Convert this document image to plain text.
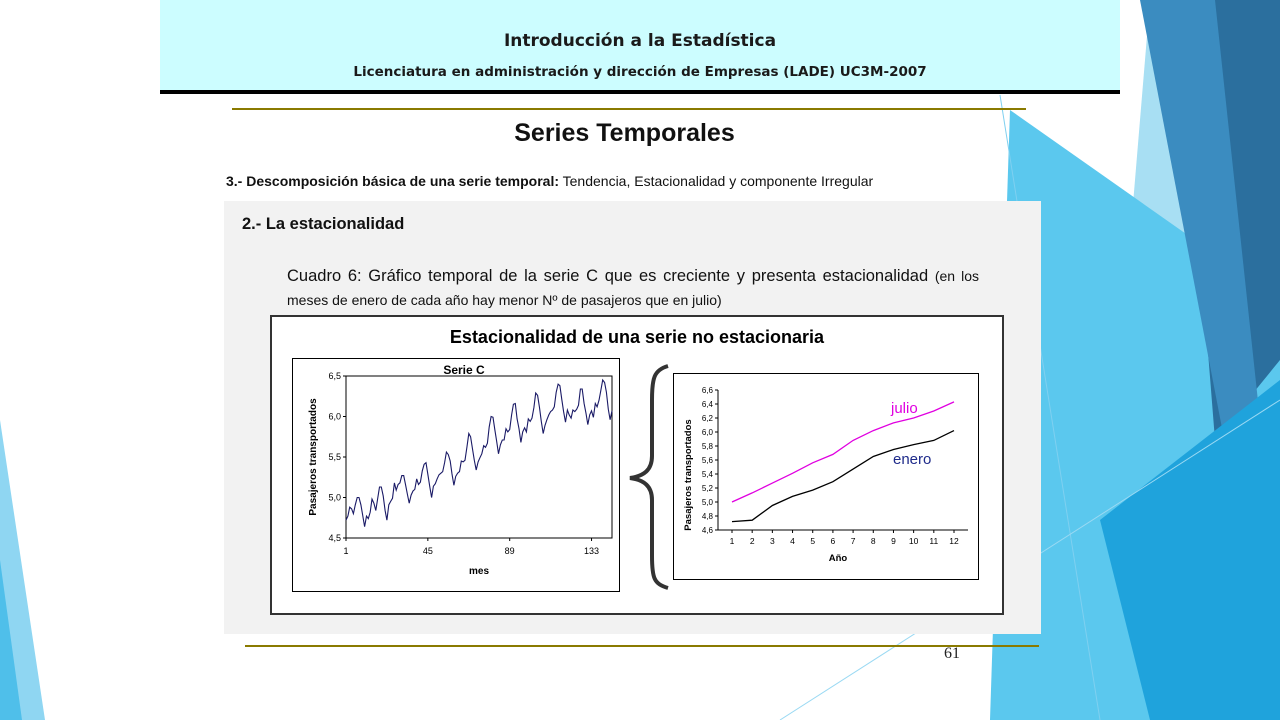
Introducción a la Estadística
Licenciatura en administración y dirección de Empresas (LADE) UC3M-2007
Series Temporales
3.- Descomposición básica de una serie temporal: Tendencia, Estacionalidad y componente Irregular
2.- La estacionalidad
Cuadro 6: Gráfico temporal de la serie C que es creciente y presenta estacionalidad (en los meses de enero de cada año hay menor Nº de pasajeros que en julio)
Estacionalidad de una serie no estacionaria
Serie C
4,5
5,0
5,5
6,0
6,5
1	45	89	133
mes
Pasajeros transportados
4,6
4,8
5,0
5,2
5,4
5,6
5,8
6,0
6,2
6,4
6,6
1 2 3 4 5 6 7 8 9 10 11 12
Año
Pasajeros transportados
julio
enero
61
